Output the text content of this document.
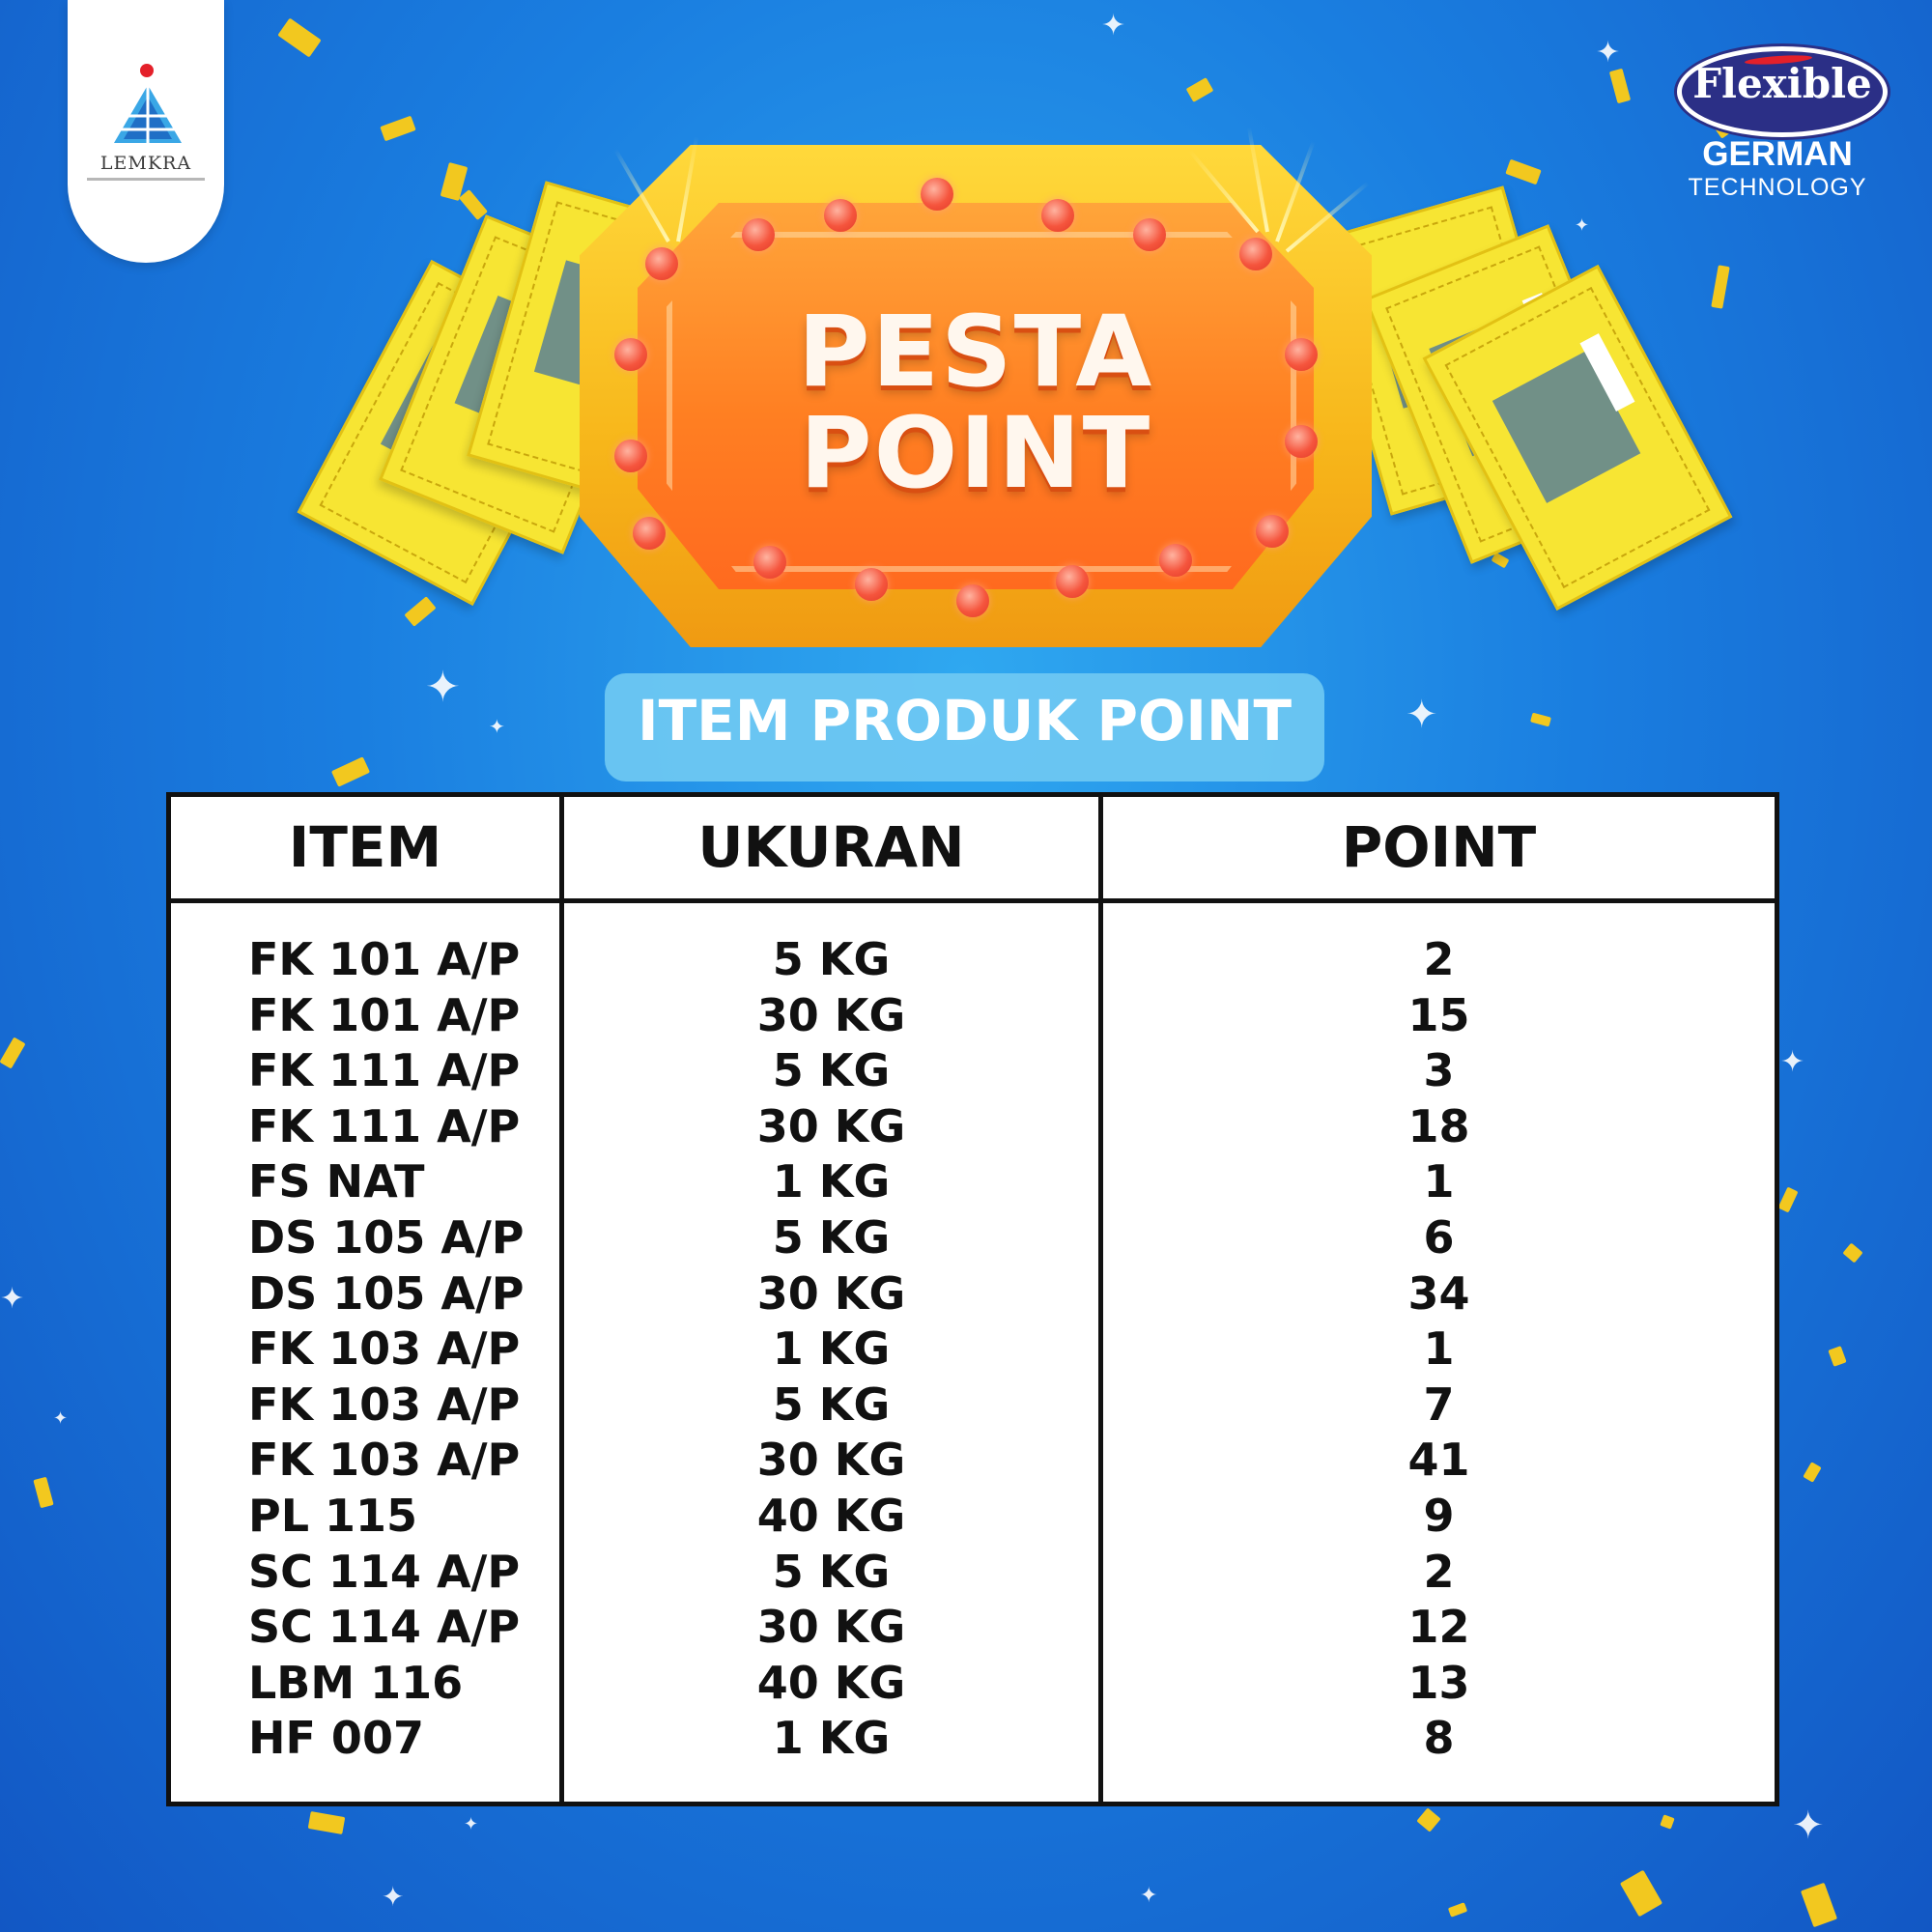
✦
✦
✦
✦
✦
✦
✦
✦
✦
✦
✦
✦
✦
LEMKRA
Flexible
GERMAN
TECHNOLOGY
PESTA
POINT
ITEM PRODUK POINT
ITEM	UKURAN	POINT
FK 101 A/P	5 KG	2
FK 101 A/P	30 KG	15
FK 111 A/P	5 KG	3
FK 111 A/P	30 KG	18
FS NAT	1 KG	1
DS 105 A/P	5 KG	6
DS 105 A/P	30 KG	34
FK 103 A/P	1 KG	1
FK 103 A/P	5 KG	7
FK 103 A/P	30 KG	41
PL 115	40 KG	9
SC 114 A/P	5 KG	2
SC 114 A/P	30 KG	12
LBM 116	40 KG	13
HF 007	1 KG	8
